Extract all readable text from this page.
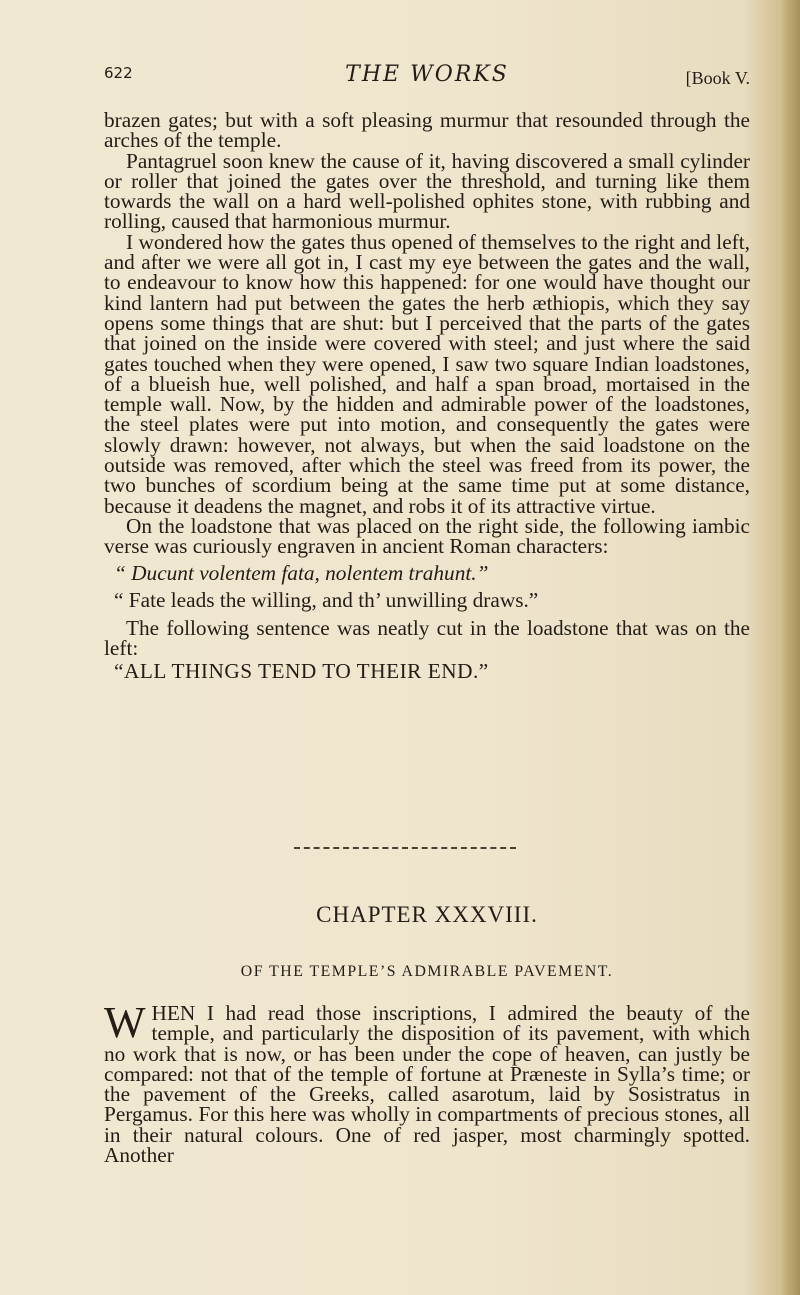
622	THE WORKS	[Book V.

brazen gates; but with a soft pleasing murmur that resounded through the arches of the temple.

Pantagruel soon knew the cause of it, having discovered a small cylinder or roller that joined the gates over the threshold, and turning like them towards the wall on a hard well-polished ophites stone, with rubbing and rolling, caused that harmonious murmur.

I wondered how the gates thus opened of themselves to the right and left, and after we were all got in, I cast my eye between the gates and the wall, to endeavour to know how this happened: for one would have thought our kind lantern had put between the gates the herb æthiopis, which they say opens some things that are shut: but I perceived that the parts of the gates that joined on the inside were covered with steel; and just where the said gates touched when they were opened, I saw two square Indian loadstones, of a blueish hue, well polished, and half a span broad, mortaised in the temple wall. Now, by the hidden and admirable power of the loadstones, the steel plates were put into motion, and consequently the gates were slowly drawn: however, not always, but when the said loadstone on the outside was removed, after which the steel was freed from its power, the two bunches of scordium being at the same time put at some distance, because it deadens the magnet, and robs it of its attractive virtue.

On the loadstone that was placed on the right side, the following iambic verse was curiously engraven in ancient Roman characters:

“ Ducunt volentem fata, nolentem trahunt.”

“ Fate leads the willing, and th’ unwilling draws.”

The following sentence was neatly cut in the loadstone that was on the left:

“ALL THINGS TEND TO THEIR END.”

CHAPTER XXXVIII.
OF THE TEMPLE’S ADMIRABLE PAVEMENT.
W HEN I had read those inscriptions, I admired the beauty of the temple, and particularly the disposition of its pavement, with which no work that is now, or has been under the cope of heaven, can justly be compared: not that of the temple of fortune at Præneste in Sylla’s time; or the pavement of the Greeks, called asarotum, laid by Sosistratus in Pergamus. For this here was wholly in compartments of precious stones, all in their natural colours. One of red jasper, most charmingly spotted. Another
